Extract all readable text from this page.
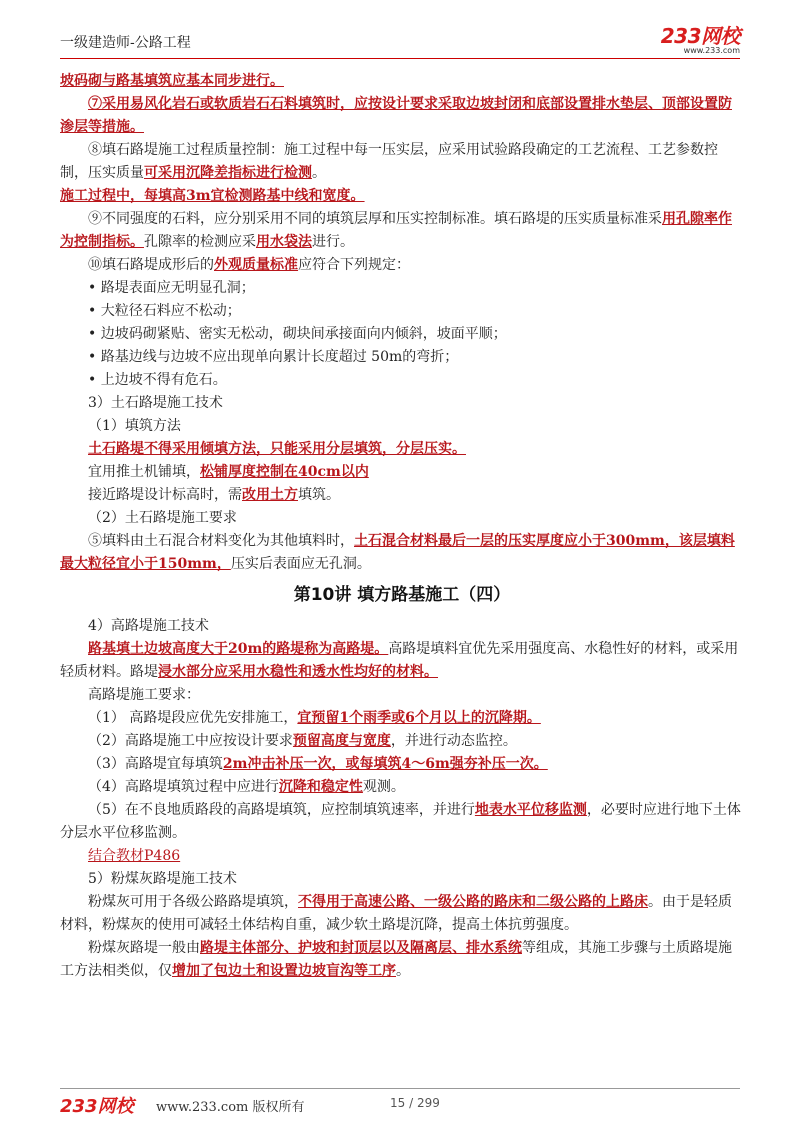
一级建造师-公路工程	233网校
www.233.com

坡码砌与路基填筑应基本同步进行。

⑦采用易风化岩石或软质岩石石料填筑时，应按设计要求采取边坡封闭和底部设置排水垫层、顶部设置防渗层等措施。

⑧填石路堤施工过程质量控制：施工过程中每一压实层，应采用试验路段确定的工艺流程、工艺参数控制，压实质量可采用沉降差指标进行检测。

施工过程中，每填高3m宜检测路基中线和宽度。

⑨不同强度的石料，应分别采用不同的填筑层厚和压实控制标准。填石路堤的压实质量标准采用孔隙率作为控制指标。孔隙率的检测应采用水袋法进行。

⑩填石路堤成形后的外观质量标准应符合下列规定：

• 路堤表面应无明显孔洞；

• 大粒径石料应不松动；

• 边坡码砌紧贴、密实无松动，砌块间承接面向内倾斜，坡面平顺；

• 路基边线与边坡不应出现单向累计长度超过 50m的弯折；

• 上边坡不得有危石。

3）土石路堤施工技术

（1）填筑方法

土石路堤不得采用倾填方法，只能采用分层填筑，分层压实。

宜用推土机铺填，松铺厚度控制在40cm以内

接近路堤设计标高时，需改用土方填筑。

（2）土石路堤施工要求

⑤填料由土石混合材料变化为其他填料时，土石混合材料最后一层的压实厚度应小于300mm，该层填料最大粒径宜小于150mm，压实后表面应无孔洞。

第10讲 填方路基施工（四）

4）高路堤施工技术

路基填土边坡高度大于20m的路堤称为高路堤。高路堤填料宜优先采用强度高、水稳性好的材料，或采用轻质材料。路堤浸水部分应采用水稳性和透水性均好的材料。

高路堤施工要求：

（1） 高路堤段应优先安排施工，宜预留1个雨季或6个月以上的沉降期。

（2）高路堤施工中应按设计要求预留高度与宽度，并进行动态监控。

（3）高路堤宜每填筑2m冲击补压一次，或每填筑4～6m强夯补压一次。

（4）高路堤填筑过程中应进行沉降和稳定性观测。

（5）在不良地质路段的高路堤填筑，应控制填筑速率，并进行地表水平位移监测，必要时应进行地下土体分层水平位移监测。

结合教材P486

5）粉煤灰路堤施工技术

粉煤灰可用于各级公路路堤填筑，不得用于高速公路、一级公路的路床和二级公路的上路床。由于是轻质材料，粉煤灰的使用可减轻土体结构自重，减少软土路堤沉降，提高土体抗剪强度。

粉煤灰路堤一般由路堤主体部分、护坡和封顶层以及隔离层、排水系统等组成，其施工步骤与土质路堤施工方法相类似，仅增加了包边土和设置边坡盲沟等工序。

233网校 www.233.com 版权所有	15 / 299
